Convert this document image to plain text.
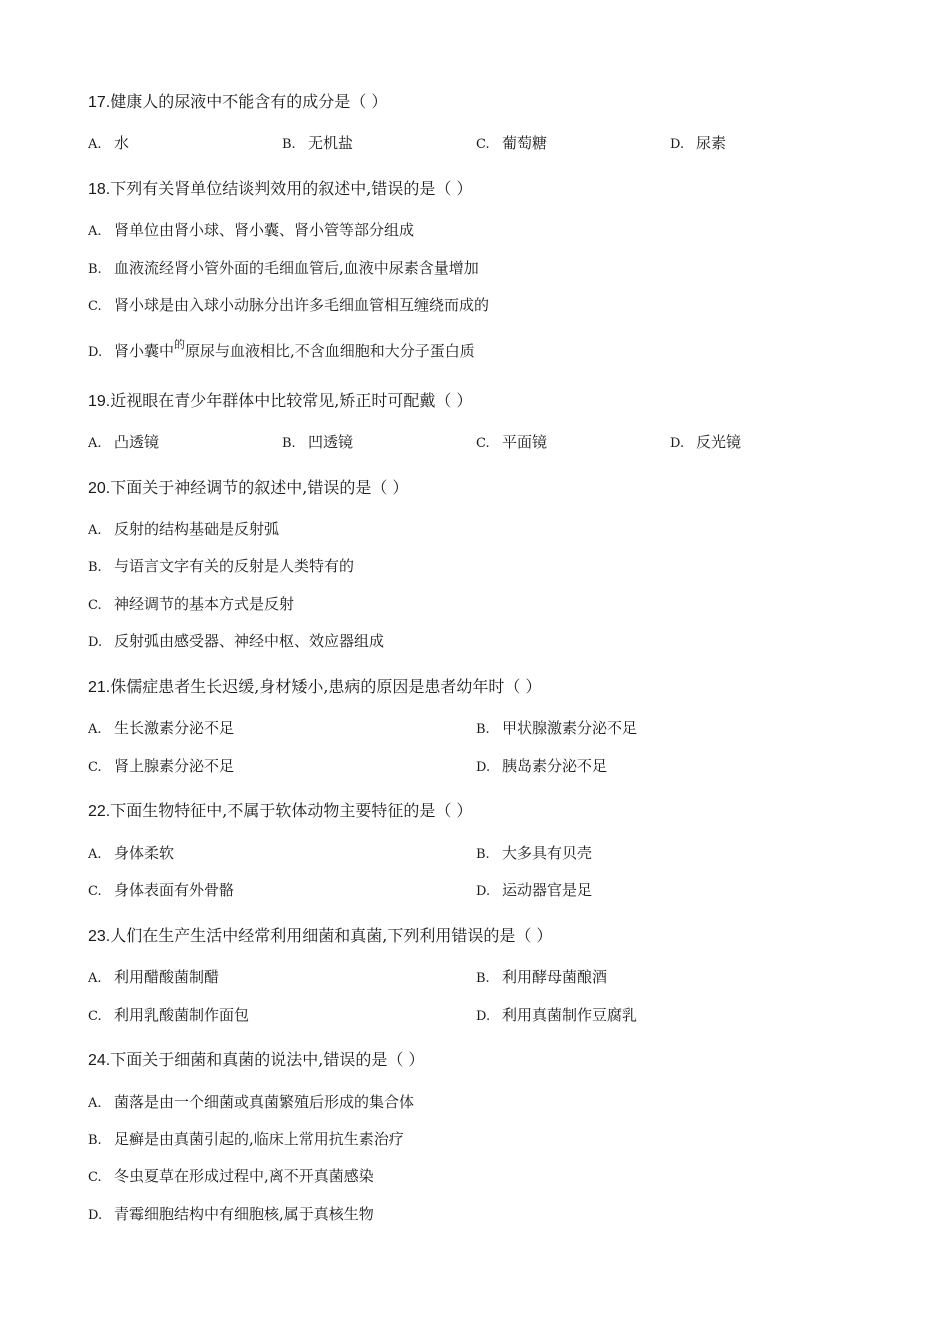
17.健康人的尿液中不能含有的成分是（ ）
A. 水	B. 无机盐	C. 葡萄糖	D. 尿素
18.下列有关肾单位结谈判效用的叙述中,错误的是（ ）
A. 肾单位由肾小球、肾小囊、肾小管等部分组成
B. 血液流经肾小管外面的毛细血管后,血液中尿素含量增加
C. 肾小球是由入球小动脉分出许多毛细血管相互缠绕而成的
D. 肾小囊中$^的$原尿与血液相比,不含血细胞和大分子蛋白质
19.近视眼在青少年群体中比较常见,矫正时可配戴（ ）
A. 凸透镜	B. 凹透镜	C. 平面镜	D. 反光镜
20.下面关于神经调节的叙述中,错误的是（ ）
A. 反射的结构基础是反射弧
B. 与语言文字有关的反射是人类特有的
C. 神经调节的基本方式是反射
D. 反射弧由感受器、神经中枢、效应器组成
21.侏儒症患者生长迟缓,身材矮小,患病的原因是患者幼年时（ ）
A. 生长激素分泌不足	B. 甲状腺激素分泌不足
C. 肾上腺素分泌不足	D. 胰岛素分泌不足
22.下面生物特征中,不属于软体动物主要特征的是（ ）
A. 身体柔软	B. 大多具有贝壳
C. 身体表面有外骨骼	D. 运动器官是足
23.人们在生产生活中经常利用细菌和真菌,下列利用错误的是（ ）
A. 利用醋酸菌制醋	B. 利用酵母菌酿酒
C. 利用乳酸菌制作面包	D. 利用真菌制作豆腐乳
24.下面关于细菌和真菌的说法中,错误的是（ ）
A. 菌落是由一个细菌或真菌繁殖后形成的集合体
B. 足癣是由真菌引起的,临床上常用抗生素治疗
C. 冬虫夏草在形成过程中,离不开真菌感染
D. 青霉细胞结构中有细胞核,属于真核生物
